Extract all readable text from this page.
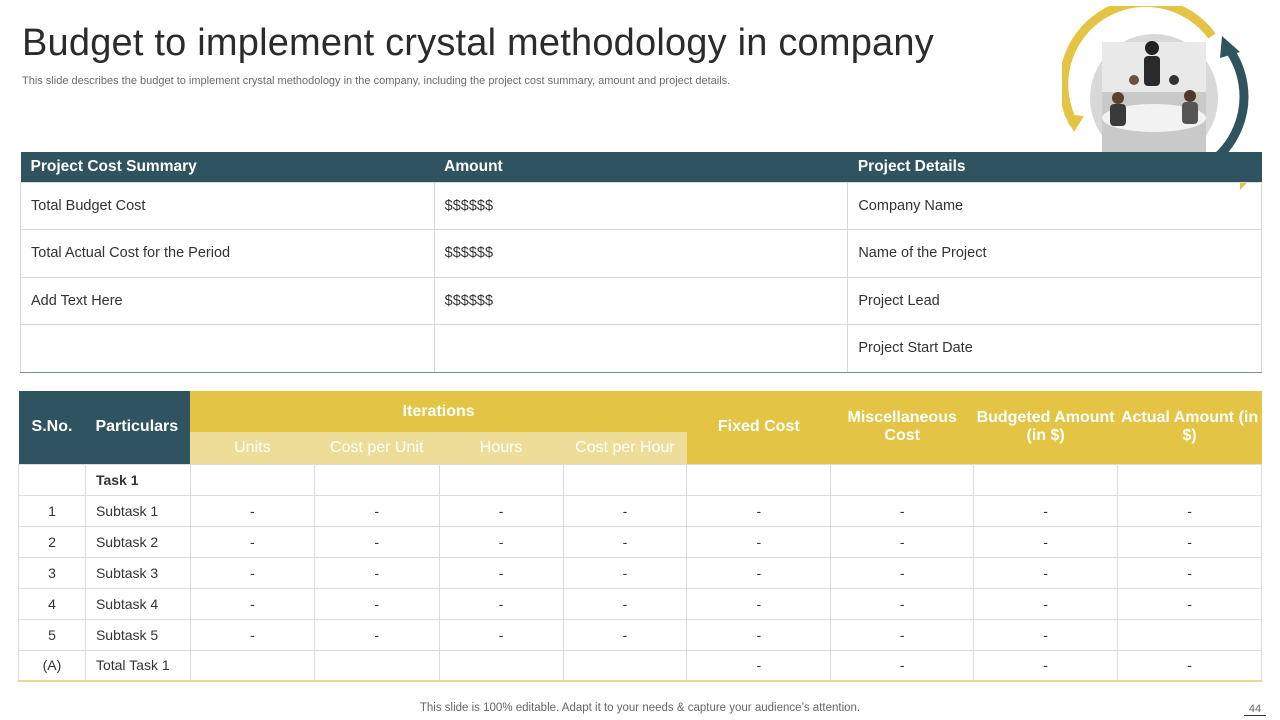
Budget to implement crystal methodology in company

This slide describes the budget to implement crystal methodology in the company, including the project cost summary, amount and project details.

Project Cost Summary	Amount	Project Details
Total Budget Cost	$$$$$$	Company Name
Total Actual Cost for the Period	$$$$$$	Name of the Project
Add Text Here	$$$$$$	Project Lead
		Project Start Date
S.No.	Particulars	Iterations				Fixed Cost	Miscellaneous Cost	Budgeted Amount (in $)	Actual Amount (in $)
		Units	Cost per Unit	Hours	Cost per Hour				
	Task 1								
1	Subtask 1	-	-	-	-	-	-	-	-
2	Subtask 2	-	-	-	-	-	-	-	-
3	Subtask 3	-	-	-	-	-	-	-	-
4	Subtask 4	-	-	-	-	-	-	-	-
5	Subtask 5	-	-	-	-	-	-	-	
(A)	Total Task 1					-	-	-	-
This slide is 100% editable. Adapt it to your needs & capture your audience’s attention.	44
